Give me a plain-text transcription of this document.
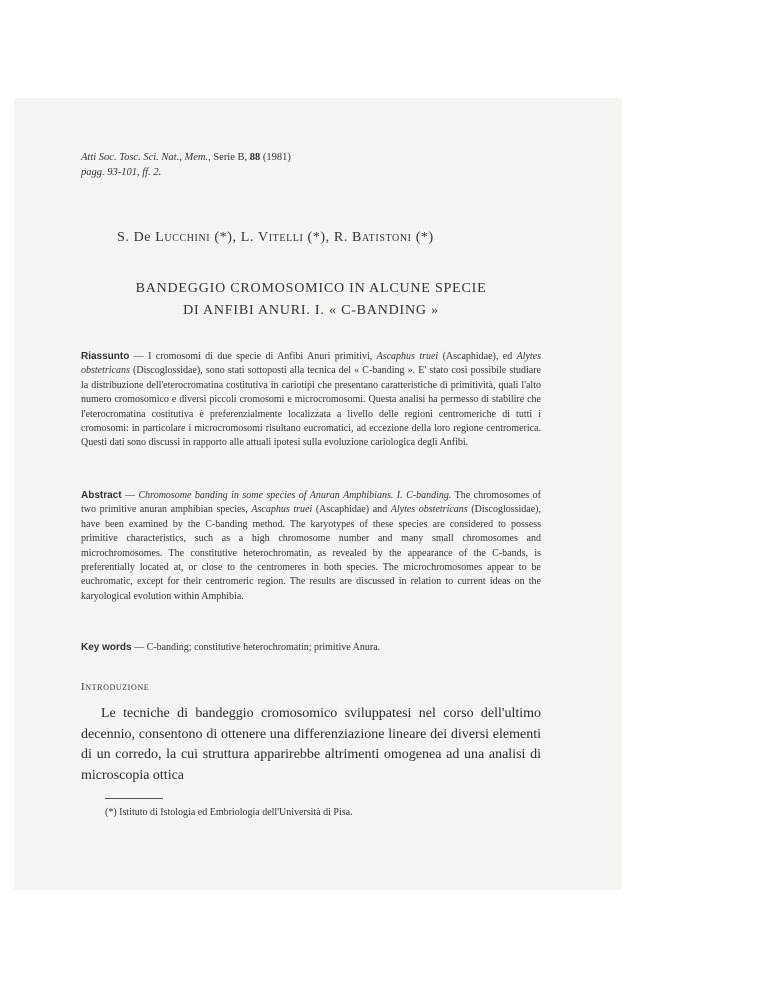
Atti Soc. Tosc. Sci. Nat., Mem., Serie B, 88 (1981)
pagg. 93-101, ff. 2.
S. De Lucchini (*), L. Vitelli (*), R. Batistoni (*)
BANDEGGIO CROMOSOMICO IN ALCUNE SPECIE
DI ANFIBI ANURI. I. « C-BANDING »
Riassunto — I cromosomi di due specie di Anfibi Anuri primitivi, Ascaphus truei (Ascaphidae), ed Alytes obstetricans (Discoglossidae), sono stati sottoposti alla tecnica del « C-banding ». E' stato così possibile studiare la distribuzione dell'eterocromatina costitutiva in cariotipi che presentano caratteristiche di primitività, quali l'alto numero cromosomico e diversi piccoli cromosomi e microcromosomi. Questa analisi ha permesso di stabilire che l'eterocromatina costitutiva è preferenzialmente localizzata a livello delle regioni centromeriche di tutti i cromosomi: in particolare i microcromosomi risultano eucromatici, ad eccezione della loro regione centromerica. Questi dati sono discussi in rapporto alle attuali ipotesi sulla evoluzione cariologica degli Anfibi.
Abstract — Chromosome banding in some species of Anuran Amphibians. I. C-banding. The chromosomes of two primitive anuran amphibian species, Ascaphus truei (Ascaphidae) and Alytes obstetricans (Discoglossidae), have been examined by the C-banding method. The karyotypes of these species are considered to possess primitive characteristics, such as a high chromosome number and many small chromosomes and microchromosomes. The constitutive heterochromatin, as revealed by the appearance of the C-bands, is preferentially located at, or close to the centromeres in both species. The microchromosomes appear to be euchromatic, except for their centromeric region. The results are discussed in relation to current ideas on the karyological evolution within Amphibia.
Key words — C-banding; constitutive heterochromatin; primitive Anura.
Introduzione
Le tecniche di bandeggio cromosomico sviluppatesi nel corso dell'ultimo decennio, consentono di ottenere una differenziazione lineare dei diversi elementi di un corredo, la cui struttura apparirebbe altrimenti omogenea ad una analisi di microscopia ottica
(*) Istituto di Istologia ed Embriologia dell'Università di Pisa.
